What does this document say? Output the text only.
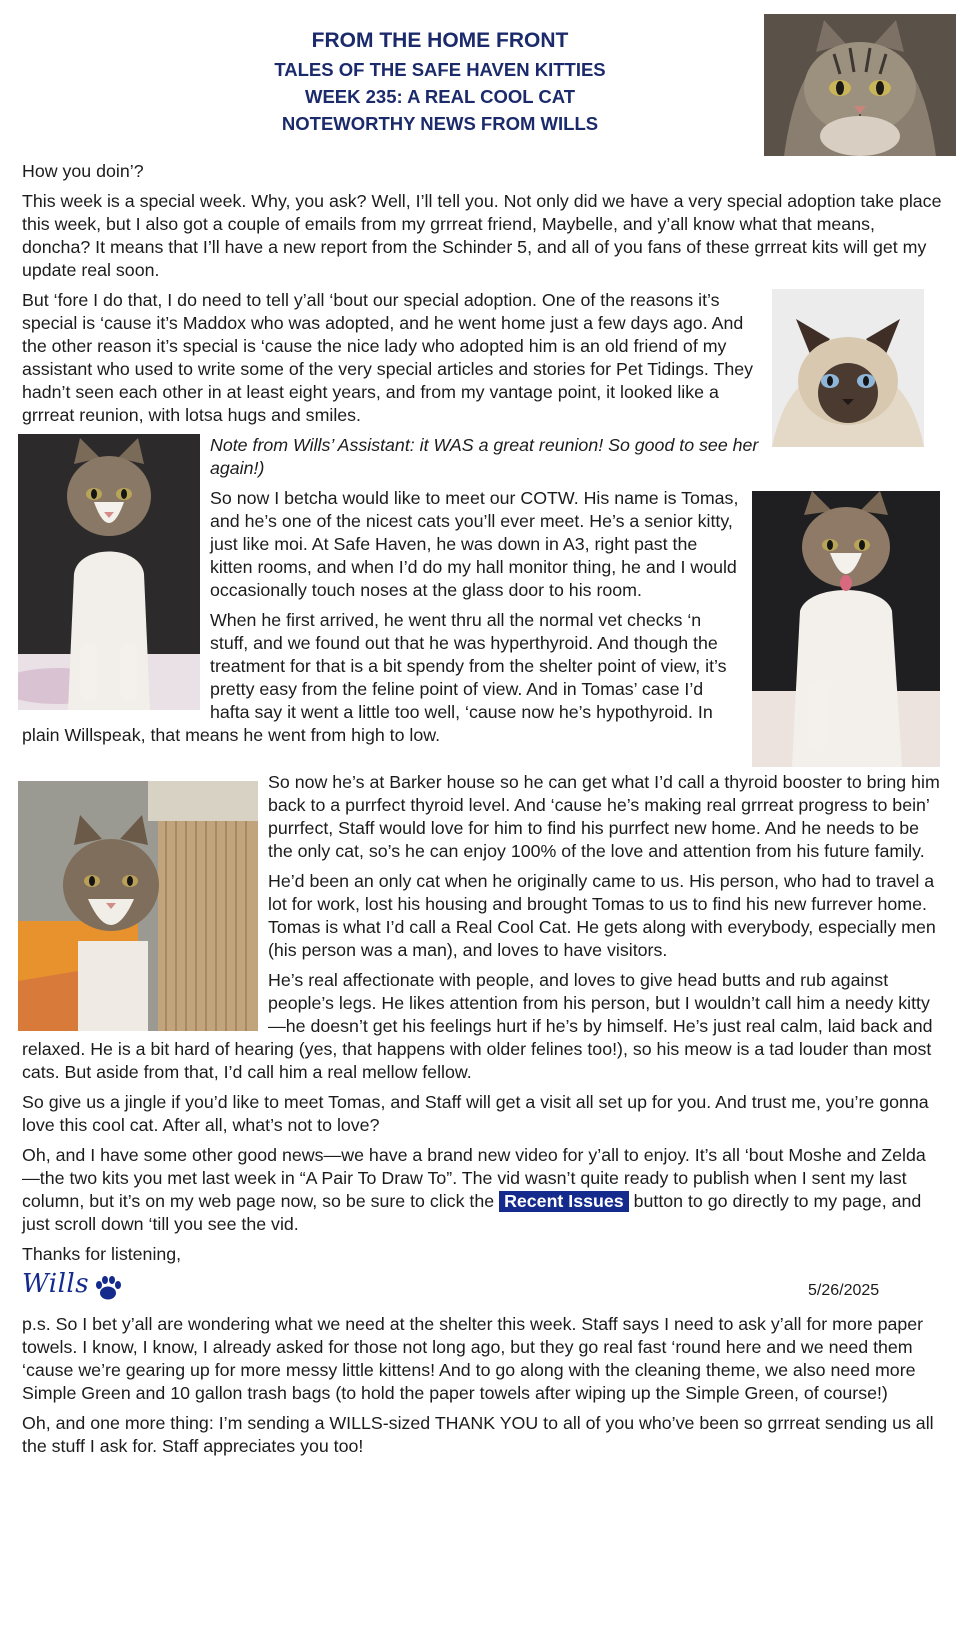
FROM THE HOME FRONT
TALES OF THE SAFE HAVEN KITTIES
WEEK 235: A REAL COOL CAT
NOTEWORTHY NEWS FROM WILLS

How you doin’?

This week is a special week. Why, you ask? Well, I’ll tell you. Not only did we have a very special adoption take place this week, but I also got a couple of emails from my grrreat friend, Maybelle, and y’all know what that means, doncha? It means that I’ll have a new report from the Schinder 5, and all of you fans of these grrreat kits will get my update real soon.

But ‘fore I do that, I do need to tell y’all ‘bout our special adoption. One of the reasons it’s special is ‘cause it’s Maddox who was adopted, and he went home just a few days ago. And the other reason it’s special is ‘cause the nice lady who adopted him is an old friend of my assistant who used to write some of the very special articles and stories for Pet Tidings. They hadn’t seen each other in at least eight years, and from my vantage point, it looked like a grrreat reunion, with lotsa hugs and smiles.

Note from Wills’ Assistant: it WAS a great reunion! So good to see her again!)

So now I betcha would like to meet our COTW. His name is Tomas, and he’s one of the nicest cats you’ll ever meet. He’s a senior kitty, just like moi. At Safe Haven, he was down in A3, right past the kitten rooms, and when I’d do my hall monitor thing, he and I would occasionally touch noses at the glass door to his room.

When he first arrived, he went thru all the normal vet checks ‘n stuff, and we found out that he was hyperthyroid. And though the treatment for that is a bit spendy from the shelter point of view, it’s pretty easy from the feline point of view. And in Tomas’ case I’d hafta say it went a little too well, ‘cause now he’s hypothyroid. In plain Willspeak, that means he went from high to low.

So now he’s at Barker house so he can get what I’d call a thyroid booster to bring him back to a purrfect thyroid level. And ‘cause he’s making real grrreat progress to bein’ purrfect, Staff would love for him to find his purrfect new home. And he needs to be the only cat, so’s he can enjoy 100% of the love and attention from his future family.

He’d been an only cat when he originally came to us. His person, who had to travel a lot for work, lost his housing and brought Tomas to us to find his new furrever home. Tomas is what I’d call a Real Cool Cat. He gets along with everybody, especially men (his person was a man), and loves to have visitors.

He’s real affectionate with people, and loves to give head butts and rub against people’s legs. He likes attention from his person, but I wouldn’t call him a needy kitty—he doesn’t get his feelings hurt if he’s by himself. He’s just real calm, laid back and relaxed. He is a bit hard of hearing (yes, that happens with older felines too!), so his meow is a tad louder than most cats. But aside from that, I’d call him a real mellow fellow.

So give us a jingle if you’d like to meet Tomas, and Staff will get a visit all set up for you. And trust me, you’re gonna love this cool cat. After all, what’s not to love?

Oh, and I have some other good news—we have a brand new video for y’all to enjoy. It’s all ‘bout Moshe and Zelda—the two kits you met last week in “A Pair To Draw To”. The vid wasn’t quite ready to publish when I sent my last column, but it’s on my web page now, so be sure to click the Recent Issues button to go directly to my page, and just scroll down ‘till you see the vid.

Thanks for listening,

Wills	5/26/2025

p.s. So I bet y’all are wondering what we need at the shelter this week. Staff says I need to ask y’all for more paper towels. I know, I know, I already asked for those not long ago, but they go real fast ‘round here and we need them ‘cause we’re gearing up for more messy little kittens! And to go along with the cleaning theme, we also need more Simple Green and 10 gallon trash bags (to hold the paper towels after wiping up the Simple Green, of course!)

Oh, and one more thing: I’m sending a WILLS-sized THANK YOU to all of you who’ve been so grrreat sending us all the stuff I ask for. Staff appreciates you too!
